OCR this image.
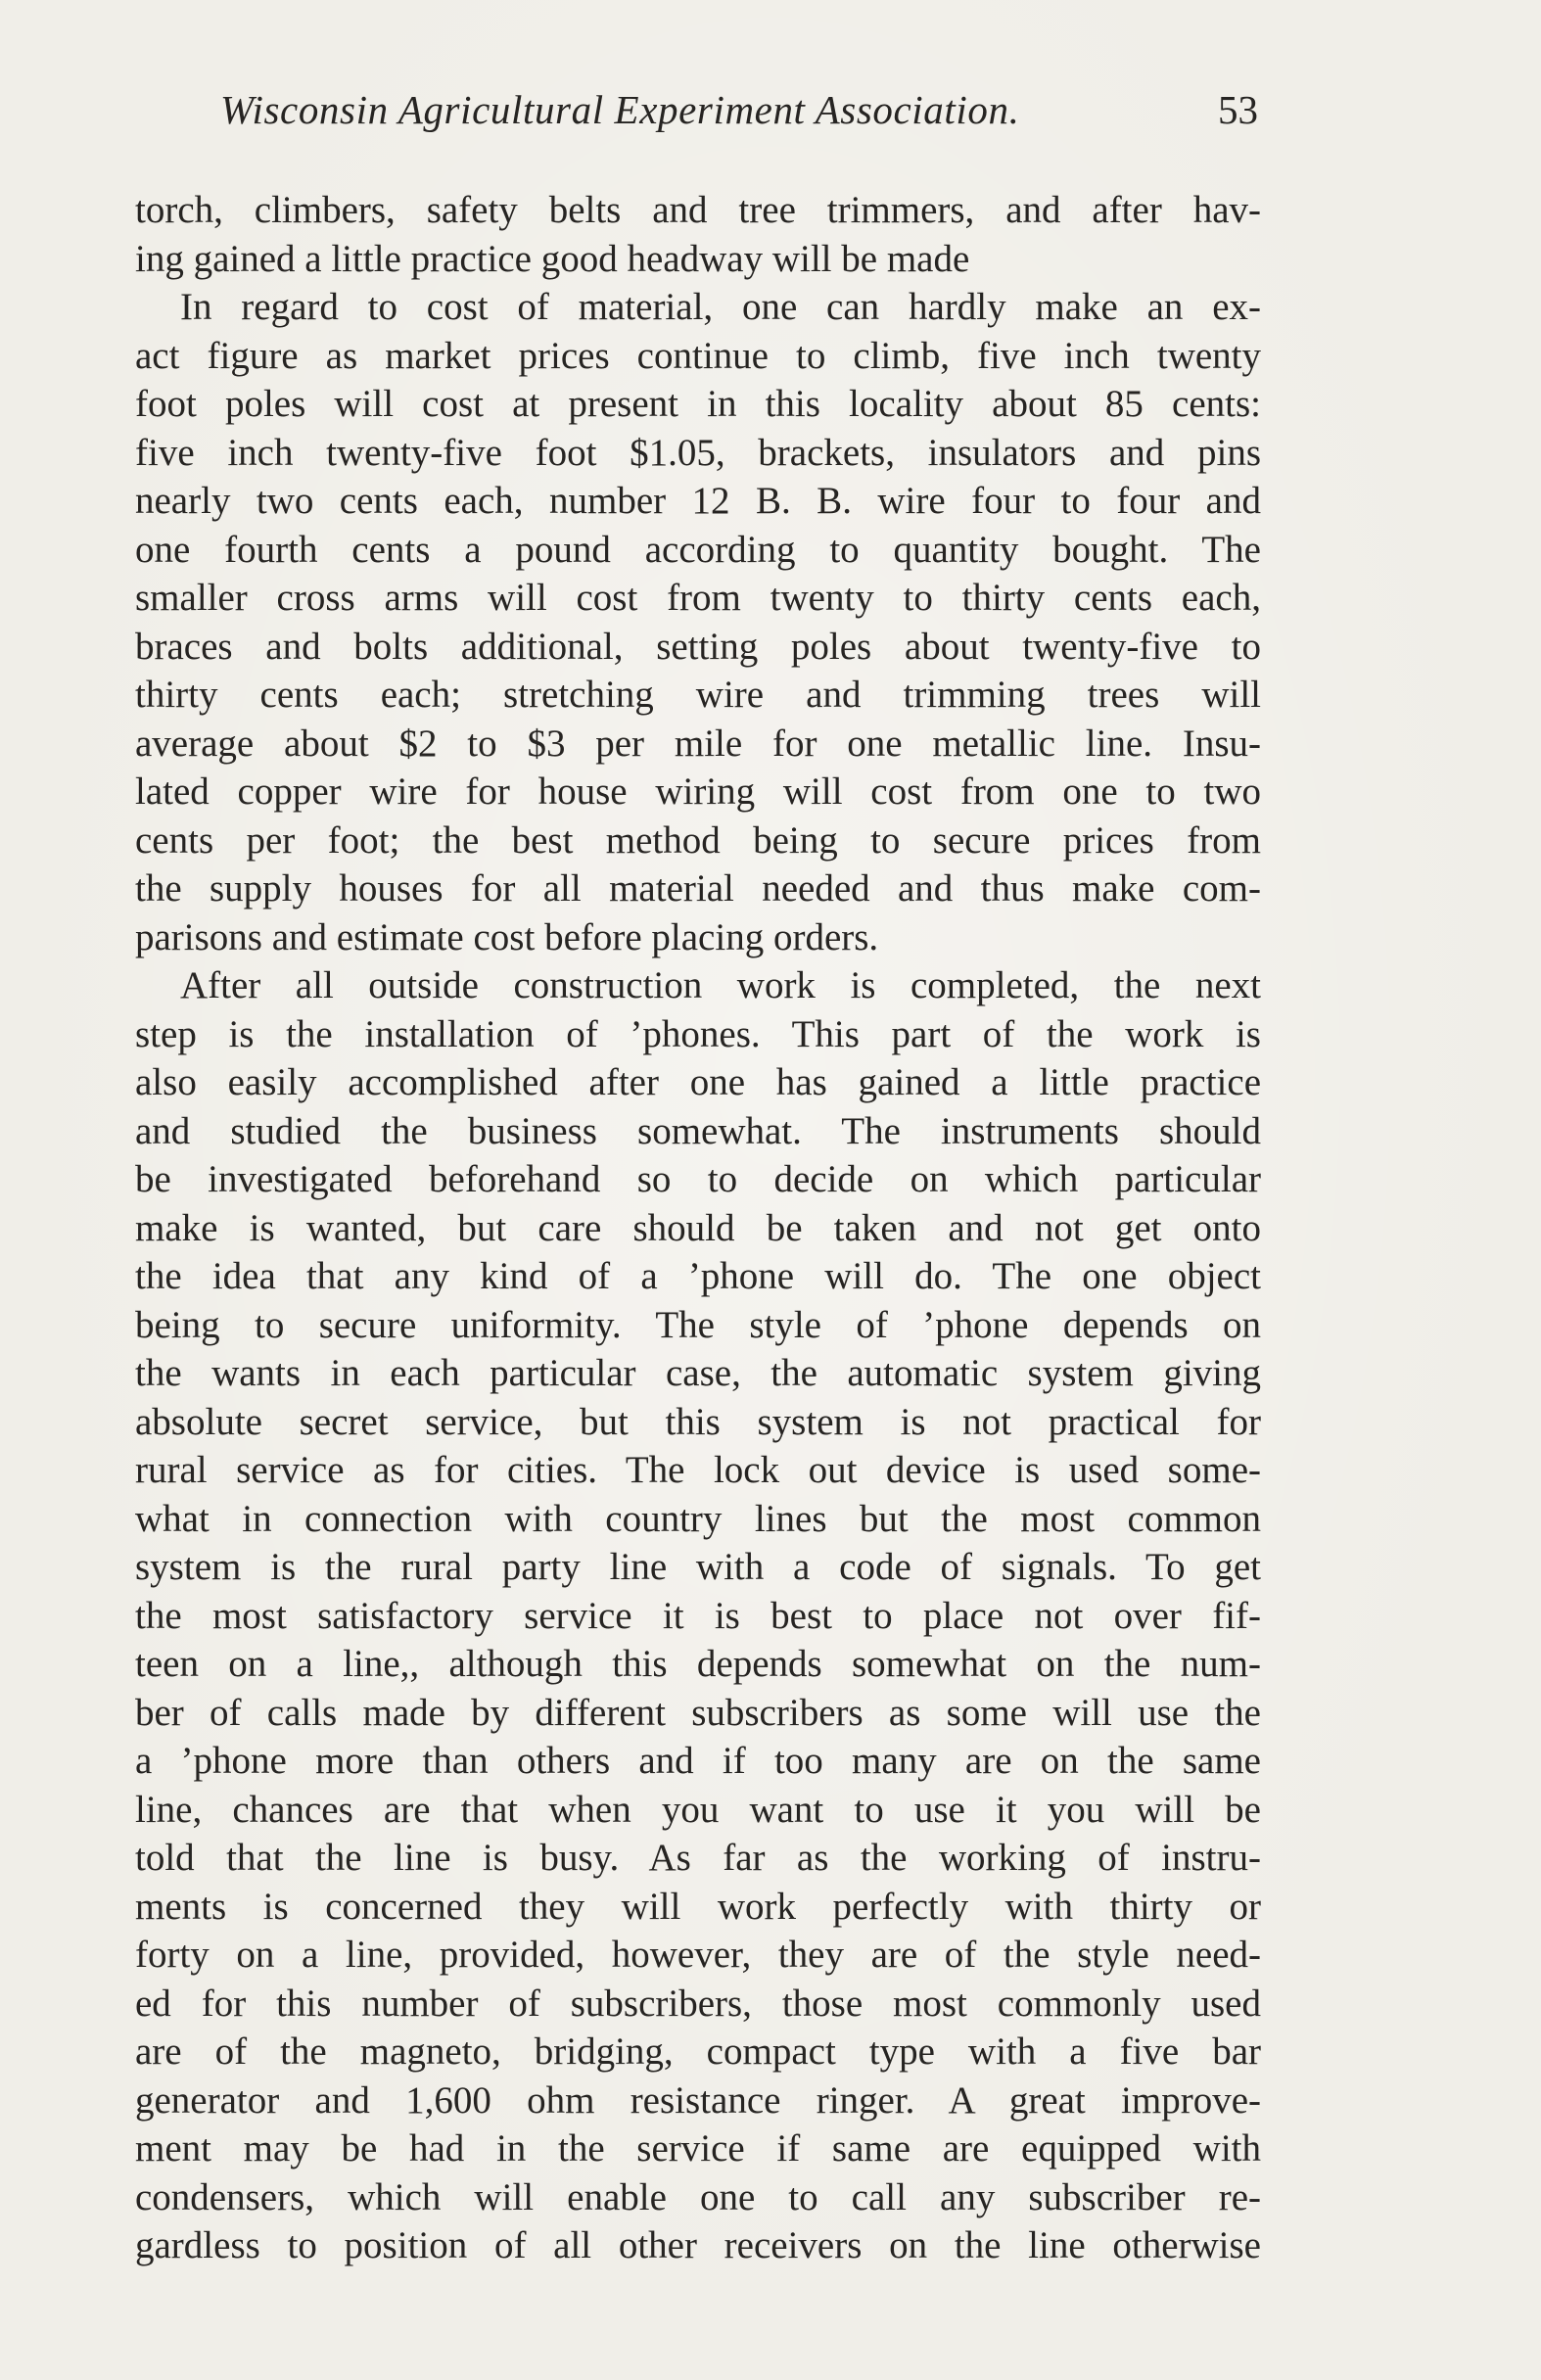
Wisconsin Agricultural Experiment Association.	53
torch, climbers, safety belts and tree trimmers, and after hav-
ing gained a little practice good headway will be made
In regard to cost of material, one can hardly make an ex-
act figure as market prices continue to climb, five inch twenty
foot poles will cost at present in this locality about 85 cents:
five inch twenty-five foot $1.05, brackets, insulators and pins
nearly two cents each, number 12 B. B. wire four to four and
one fourth cents a pound according to quantity bought. The
smaller cross arms will cost from twenty to thirty cents each,
braces and bolts additional, setting poles about twenty-five to
thirty cents each; stretching wire and trimming trees will
average about $2 to $3 per mile for one metallic line. Insu-
lated copper wire for house wiring will cost from one to two
cents per foot; the best method being to secure prices from
the supply houses for all material needed and thus make com-
parisons and estimate cost before placing orders.
After all outside construction work is completed, the next
step is the installation of ’phones. This part of the work is
also easily accomplished after one has gained a little practice
and studied the business somewhat. The instruments should
be investigated beforehand so to decide on which particular
make is wanted, but care should be taken and not get onto
the idea that any kind of a ’phone will do. The one object
being to secure uniformity. The style of ’phone depends on
the wants in each particular case, the automatic system giving
absolute secret service, but this system is not practical for
rural service as for cities. The lock out device is used some-
what in connection with country lines but the most common
system is the rural party line with a code of signals. To get
the most satisfactory service it is best to place not over fif-
teen on a line,, although this depends somewhat on the num-
ber of calls made by different subscribers as some will use the
a ’phone more than others and if too many are on the same
line, chances are that when you want to use it you will be
told that the line is busy. As far as the working of instru-
ments is concerned they will work perfectly with thirty or
forty on a line, provided, however, they are of the style need-
ed for this number of subscribers, those most commonly used
are of the magneto, bridging, compact type with a five bar
generator and 1,600 ohm resistance ringer. A great improve-
ment may be had in the service if same are equipped with
condensers, which will enable one to call any subscriber re-
gardless to position of all other receivers on the line otherwise
